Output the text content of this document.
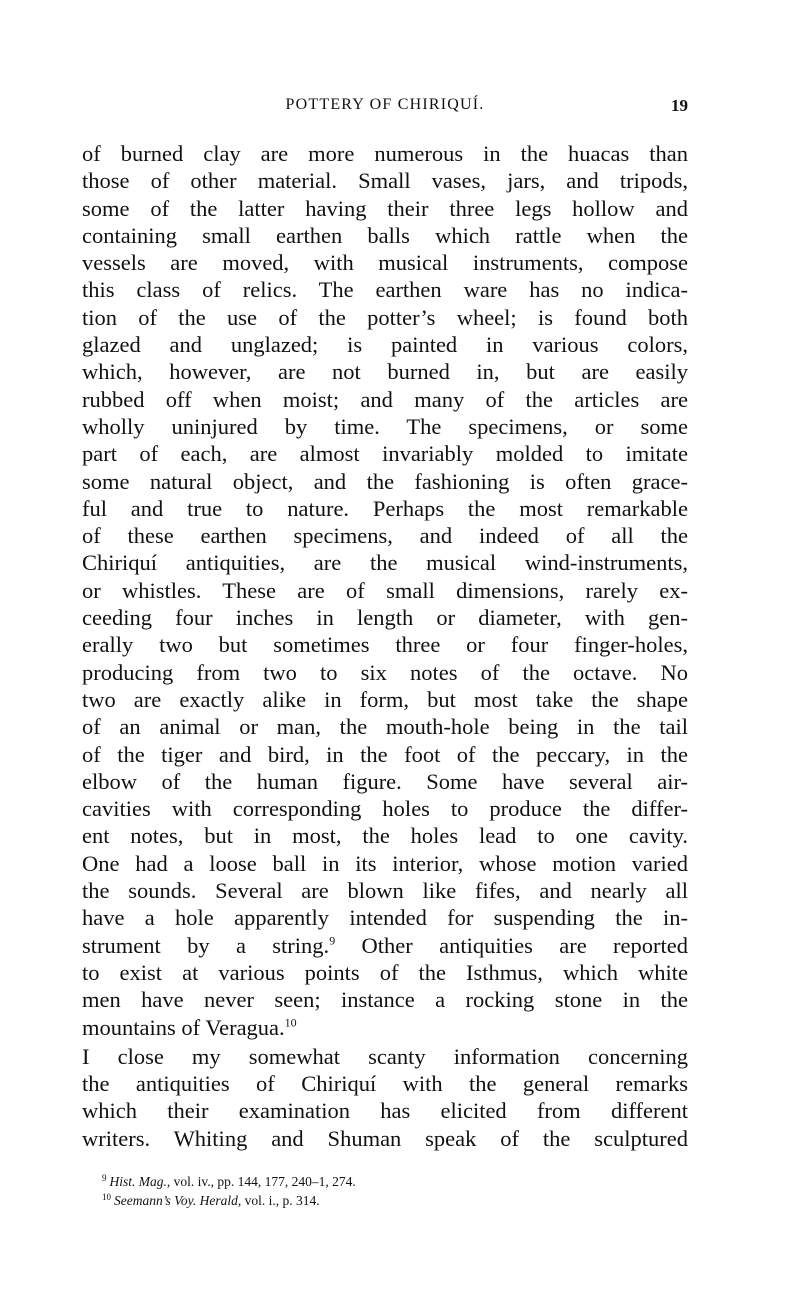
POTTERY OF CHIRIQUÍ.	19

of burned clay are more numerous in the huacas than
those of other material. Small vases, jars, and tripods,
some of the latter having their three legs hollow and
containing small earthen balls which rattle when the
vessels are moved, with musical instruments, compose
this class of relics. The earthen ware has no indica-
tion of the use of the potter’s wheel; is found both
glazed and unglazed; is painted in various colors,
which, however, are not burned in, but are easily
rubbed off when moist; and many of the articles are
wholly uninjured by time. The specimens, or some
part of each, are almost invariably molded to imitate
some natural object, and the fashioning is often grace-
ful and true to nature. Perhaps the most remarkable
of these earthen specimens, and indeed of all the
Chiriquí antiquities, are the musical wind-instruments,
or whistles. These are of small dimensions, rarely ex-
ceeding four inches in length or diameter, with gen-
erally two but sometimes three or four finger-holes,
producing from two to six notes of the octave. No
two are exactly alike in form, but most take the shape
of an animal or man, the mouth-hole being in the tail
of the tiger and bird, in the foot of the peccary, in the
elbow of the human figure. Some have several air-
cavities with corresponding holes to produce the differ-
ent notes, but in most, the holes lead to one cavity.
One had a loose ball in its interior, whose motion varied
the sounds. Several are blown like fifes, and nearly all
have a hole apparently intended for suspending the in-
strument by a string.$^9$ Other antiquities are reported
to exist at various points of the Isthmus, which white
men have never seen; instance a rocking stone in the
mountains of Veragua.$^{10}$

I close my somewhat scanty information concerning
the antiquities of Chiriquí with the general remarks
which their examination has elicited from different
writers. Whiting and Shuman speak of the sculptured

$^9$ Hist. Mag., vol. iv., pp. 144, 177, 240–1, 274.
$^{10}$ Seemann’s Voy. Herald, vol. i., p. 314.
